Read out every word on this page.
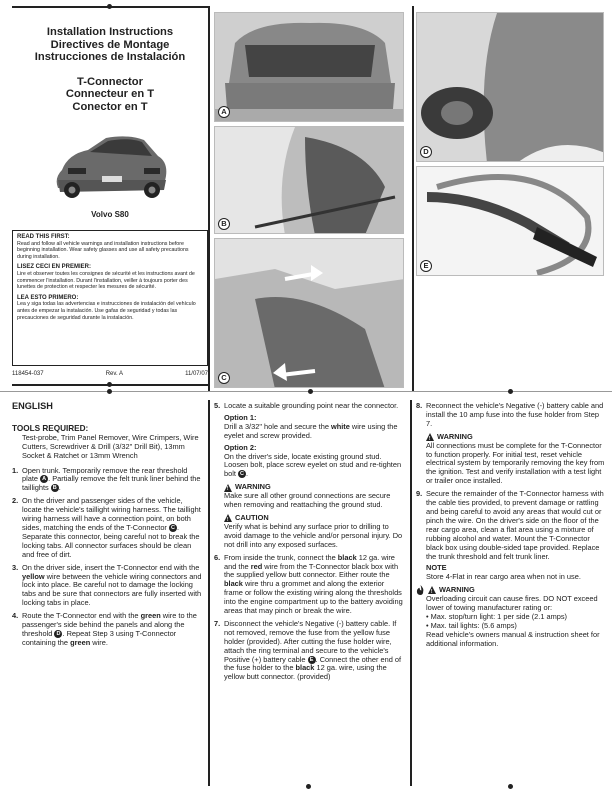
Installation Instructions
Directives de Montage
Instrucciones de Instalación
T-Connector
Connecteur en T
Conector en T
Volvo S80
READ THIS FIRST:

Read and follow all vehicle warnings and installation instructions before beginning installation. Wear safety glasses and use all safety precautions during installation.

LISEZ CECI EN PREMIER:

Lire et observer toutes les consignes de sécurité et les instructions avant de commencer l'installation. Durant l'installation, veiller à toujours porter des lunettes de protection et respecter les mesures de sécurité.

LEA ESTO PRIMERO:

Lea y siga todas las advertencias e instrucciones de instalación del vehículo antes de empezar la instalación. Use gafas de seguridad y todas las precauciones de seguridad durante la instalación.

118454-037	Rev. A	11/07/07
A
B
C
D
E
ENGLISH
TOOLS REQUIRED:
Test-probe, Trim Panel Remover, Wire Crimpers, Wire Cutters, Screwdriver & Drill (3/32" Drill Bit), 13mm Socket & Ratchet or 13mm Wrench
1. Open trunk. Temporarily remove the rear threshold plate A . Partially remove the felt trunk liner behind the taillights B .
2. On the driver and passenger sides of the vehicle, locate the vehicle's taillight wiring harness. The taillight wiring harness will have a connection point, on both sides, matching the ends of the T-Connector C . Separate this connector, being careful not to break the locking tabs. All connector surfaces should be clean and free of dirt.
3. On the driver side, insert the T-Connector end with the yellow wire between the vehicle wiring connectors and lock into place. Be careful not to damage the locking tabs and be sure that connectors are fully inserted with locking tabs in place.
4. Route the T-Connector end with the green wire to the passenger's side behind the panels and along the threshold D . Repeat Step 3 using T-Connector containing the green wire.
5. Locate a suitable grounding point near the connector.
Option 1:
Drill a 3/32" hole and secure the white wire using the eyelet and screw provided.
Option 2:
On the driver's side, locate existing ground stud. Loosen bolt, place screw eyelet on stud and re-tighten bolt C .
!
WARNING
Make sure all other ground connections are secure when removing and reattaching the ground stud.
!
CAUTION
Verify what is behind any surface prior to drilling to avoid damage to the vehicle and/or personal injury. Do not drill into any exposed surfaces.
6. From inside the trunk, connect the black 12 ga. wire and the red wire from the T-Connector black box with the supplied yellow butt connector. Either route the black wire thru a grommet and along the exterior frame or follow the existing wiring along the thresholds into the engine compartment up to the battery avoiding areas that may pinch or break the wire.
7. Disconnect the vehicle's Negative (-) battery cable. If not removed, remove the fuse from the yellow fuse holder (provided). After cutting the fuse holder wire, attach the ring terminal and secure to the vehicle's Positive (+) battery cable E . Connect the other end of the fuse holder to the black 12 ga. wire, using the yellow butt connector. (provided)
8. Reconnect the vehicle's Negative (-) battery cable and install the 10 amp fuse into the fuse holder from Step 7.
!
WARNING
All connections must be complete for the T-Connector to function properly. For initial test, reset vehicle electrical system by temporarily removing the key from the ignition. Test and verify installation with a test light or trailer once installed.
9. Secure the remainder of the T-Connector harness with the cable ties provided, to prevent damage or rattling and being careful to avoid any areas that would cut or pinch the wire. On the driver's side on the floor of the rear cargo area, clean a flat area using a mixture of rubbing alcohol and water. Mount the T-Connector black box using double-sided tape provided. Replace the trunk threshold and felt trunk liner.
NOTE
Store 4-Flat in rear cargo area when not in use.
!
WARNING
Overloading circuit can cause fires. DO NOT exceed lower of towing manufacturer rating or:
• Max. stop/turn light: 1 per side (2.1 amps)
• Max. tail lights: (5.6 amps)
Read vehicle's owners manual & instruction sheet for additional information.
